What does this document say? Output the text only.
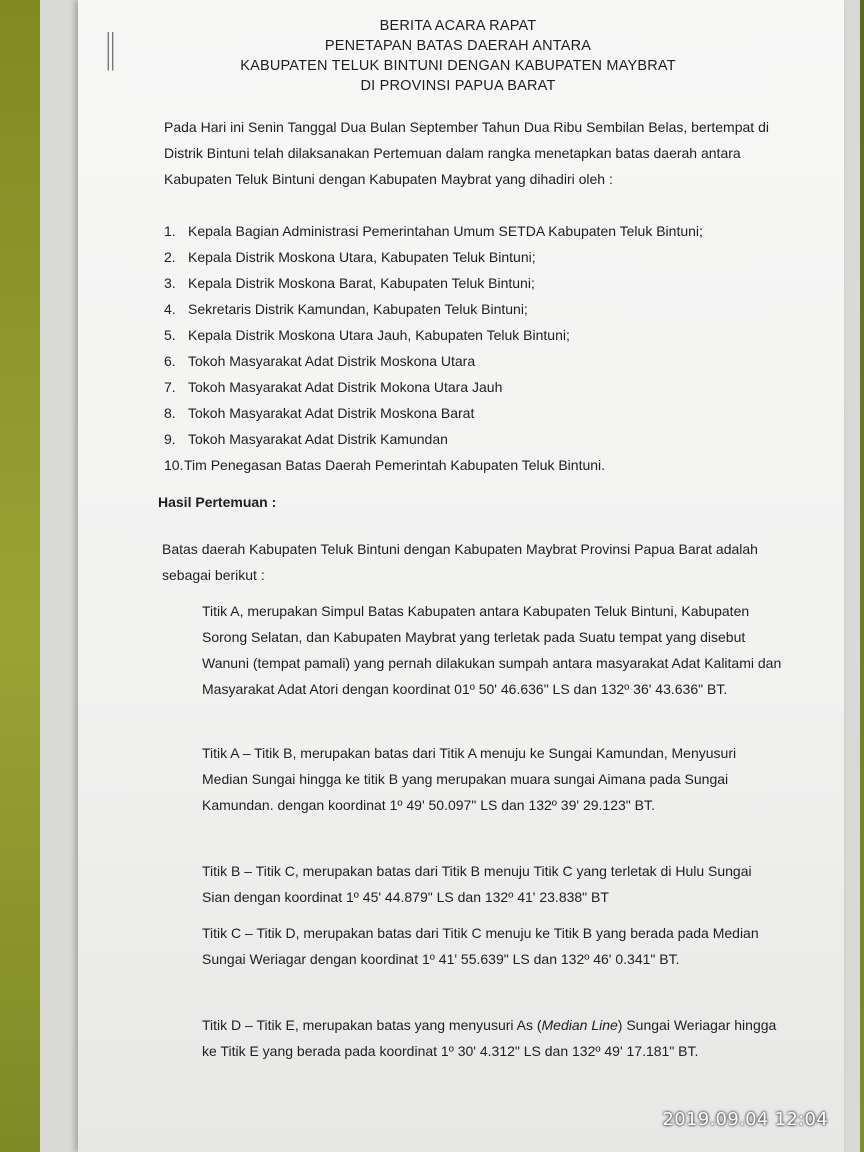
||	BERITA ACARA RAPAT
PENETAPAN BATAS DAERAH ANTARA
KABUPATEN TELUK BINTUNI DENGAN KABUPATEN MAYBRAT
DI PROVINSI PAPUA BARAT
Pada Hari ini Senin Tanggal Dua Bulan September Tahun Dua Ribu Sembilan Belas, bertempat di Distrik Bintuni telah dilaksanakan Pertemuan dalam rangka menetapkan batas daerah antara Kabupaten Teluk Bintuni dengan Kabupaten Maybrat yang dihadiri oleh :
1. Kepala Bagian Administrasi Pemerintahan Umum SETDA Kabupaten Teluk Bintuni;
2. Kepala Distrik Moskona Utara, Kabupaten Teluk Bintuni;
3. Kepala Distrik Moskona Barat, Kabupaten Teluk Bintuni;
4. Sekretaris Distrik Kamundan, Kabupaten Teluk Bintuni;
5. Kepala Distrik Moskona Utara Jauh, Kabupaten Teluk Bintuni;
6. Tokoh Masyarakat Adat Distrik Moskona Utara
7. Tokoh Masyarakat Adat Distrik Mokona Utara Jauh
8. Tokoh Masyarakat Adat Distrik Moskona Barat
9. Tokoh Masyarakat Adat Distrik Kamundan
10. Tim Penegasan Batas Daerah Pemerintah Kabupaten Teluk Bintuni.
Hasil Pertemuan :
Batas daerah Kabupaten Teluk Bintuni dengan Kabupaten Maybrat Provinsi Papua Barat adalah sebagai berikut :
Titik A, merupakan Simpul Batas Kabupaten antara Kabupaten Teluk Bintuni, Kabupaten Sorong Selatan, dan Kabupaten Maybrat yang terletak pada Suatu tempat yang disebut Wanuni (tempat pamali) yang pernah dilakukan sumpah antara masyarakat Adat Kalitami dan Masyarakat Adat Atori dengan koordinat 01º 50' 46.636" LS dan 132º 36' 43.636" BT.
Titik A – Titik B, merupakan batas dari Titik A menuju ke Sungai Kamundan, Menyusuri Median Sungai hingga ke titik B yang merupakan muara sungai Aimana pada Sungai Kamundan. dengan koordinat 1º 49' 50.097" LS dan 132º 39' 29.123" BT.
Titik B – Titik C, merupakan batas dari Titik B menuju Titik C yang terletak di Hulu Sungai Sian dengan koordinat 1º 45' 44.879" LS dan 132º 41' 23.838" BT
Titik C – Titik D, merupakan batas dari Titik C menuju ke Titik B yang berada pada Median Sungai Weriagar dengan koordinat 1º 41' 55.639" LS dan 132º 46' 0.341" BT.
Titik D – Titik E, merupakan batas yang menyusuri As (Median Line) Sungai Weriagar hingga ke Titik E yang berada pada koordinat 1º 30' 4.312" LS dan 132º 49' 17.181" BT.
2019.09.04 12:04
